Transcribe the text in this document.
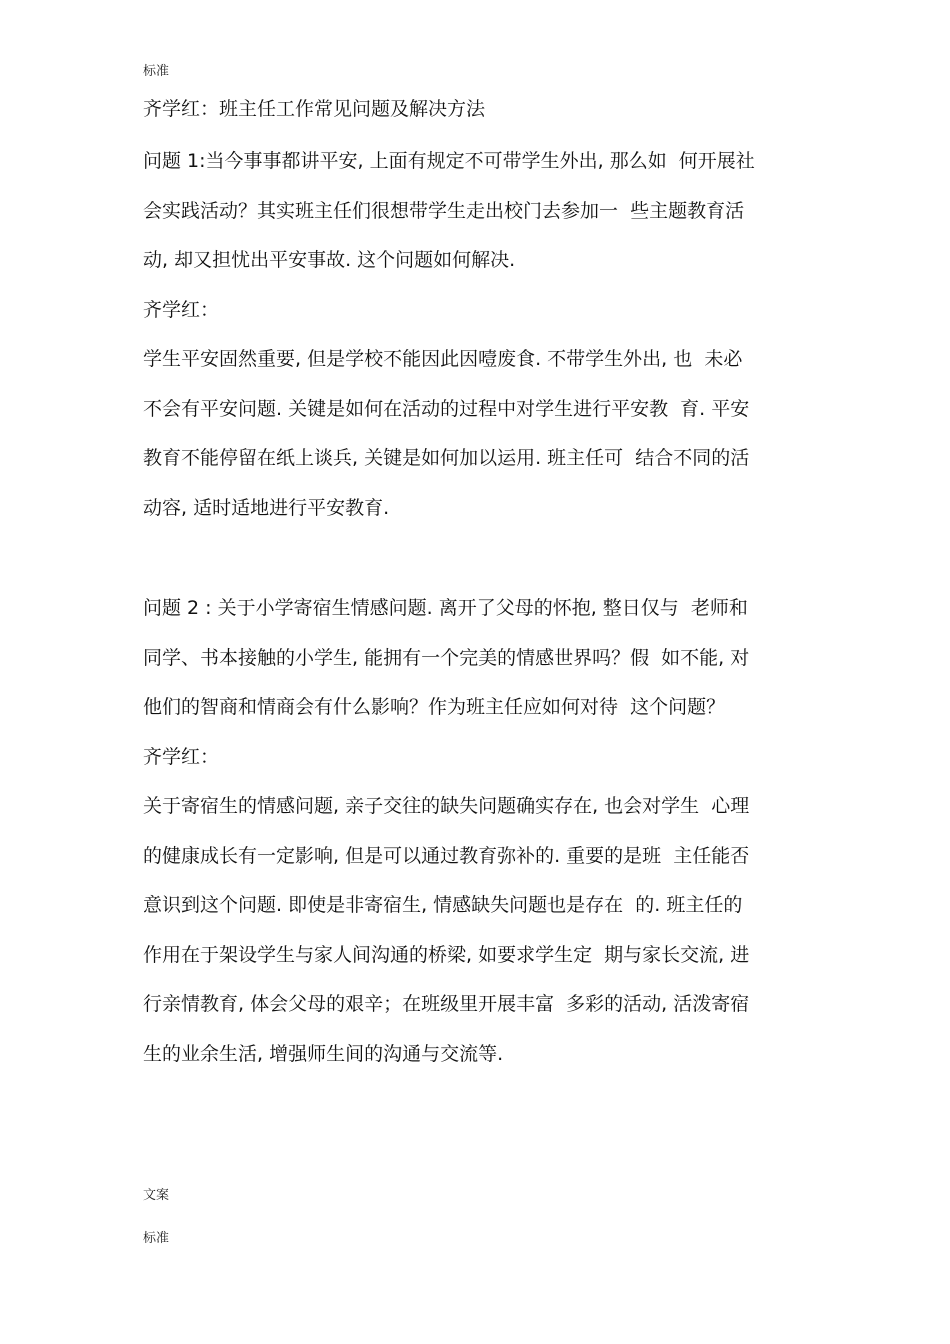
标准
齐学红：班主任工作常见问题及解决方法

问题 1:当今事事都讲平安, 上面有规定不可带学生外出, 那么如  何开展社

会实践活动？其实班主任们很想带学生走出校门去参加一  些主题教育活

动, 却又担忧出平安事故. 这个问题如何解决.

齐学红：

学生平安固然重要, 但是学校不能因此因噎废食. 不带学生外出, 也  未必

不会有平安问题. 关键是如何在活动的过程中对学生进行平安教  育. 平安

教育不能停留在纸上谈兵, 关键是如何加以运用. 班主任可  结合不同的活

动容, 适时适地进行平安教育.

问题 2 : 关于小学寄宿生情感问题. 离开了父母的怀抱, 整日仅与  老师和

同学、书本接触的小学生, 能拥有一个完美的情感世界吗？假  如不能, 对

他们的智商和情商会有什么影响？作为班主任应如何对待  这个问题？

齐学红：

关于寄宿生的情感问题, 亲子交往的缺失问题确实存在, 也会对学生  心理

的健康成长有一定影响, 但是可以通过教育弥补的. 重要的是班  主任能否

意识到这个问题. 即使是非寄宿生, 情感缺失问题也是存在  的. 班主任的

作用在于架设学生与家人间沟通的桥梁, 如要求学生定  期与家长交流, 进

行亲情教育, 体会父母的艰辛；在班级里开展丰富  多彩的活动, 活泼寄宿

生的业余生活, 增强师生间的沟通与交流等.

文案
标准
